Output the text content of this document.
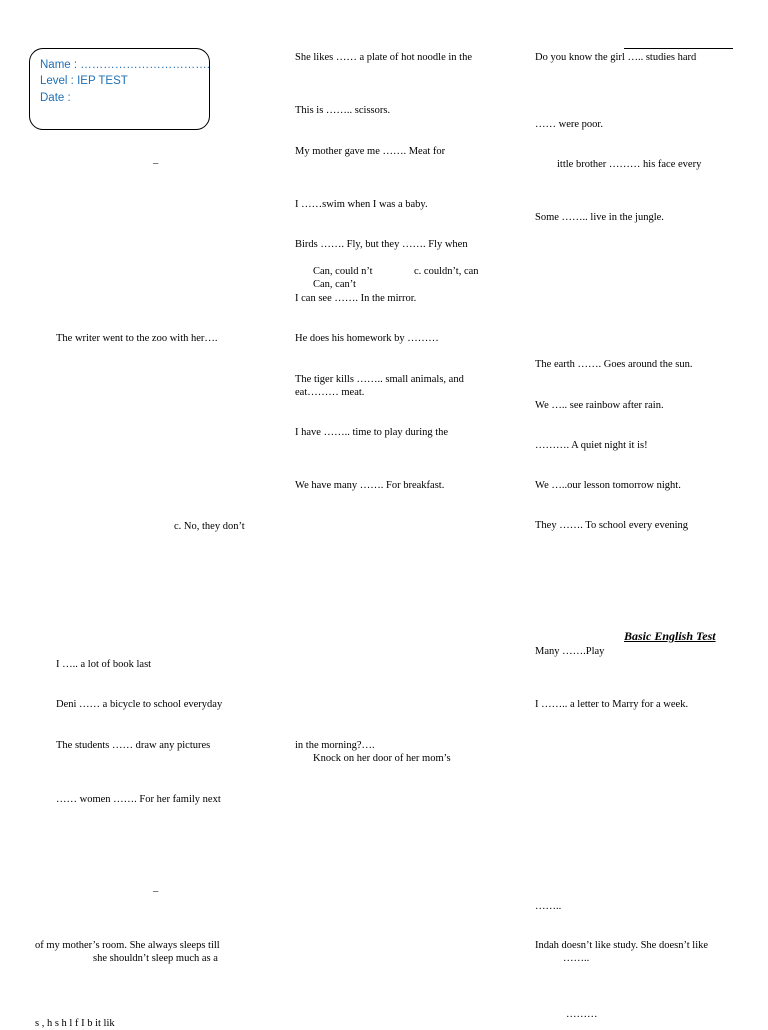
Name : …………………………….
Level : IEP TEST
Date :
–
The writer went to the zoo with her….
c. No, they don’t
I ….. a lot of book last
Deni …… a bicycle to school everyday
The students …… draw any pictures
…… women ……. For her family next
–
of my mother’s room. She always sleeps till
she shouldn’t sleep much as a
s , h s h l f I b it lik
She likes …… a plate of hot noodle in the
This is …….. scissors.
My mother gave me ……. Meat for
I ……swim when I was a baby.
Birds ……. Fly, but they ……. Fly when
Can, could n’t	c. couldn’t, can
Can, can’t
I can see ……. In the mirror.
He does his homework by ………
The tiger kills …….. small animals, and
eat……… meat.
I have …….. time to play during the
We have many ……. For breakfast.
in the morning?….
Knock on her door of her mom’s
Do you know the girl ….. studies hard
…… were poor.
ittle brother ……… his face every
Some …….. live in the jungle.
The earth ……. Goes around the sun.
We ….. see rainbow after rain.
………. A quiet night it is!
We …..our lesson tomorrow night.
They ……. To school every evening
Basic English Test
Many …….Play
I …….. a letter to Marry for a week.
……..
Indah doesn’t like study. She doesn’t like
……..
………
